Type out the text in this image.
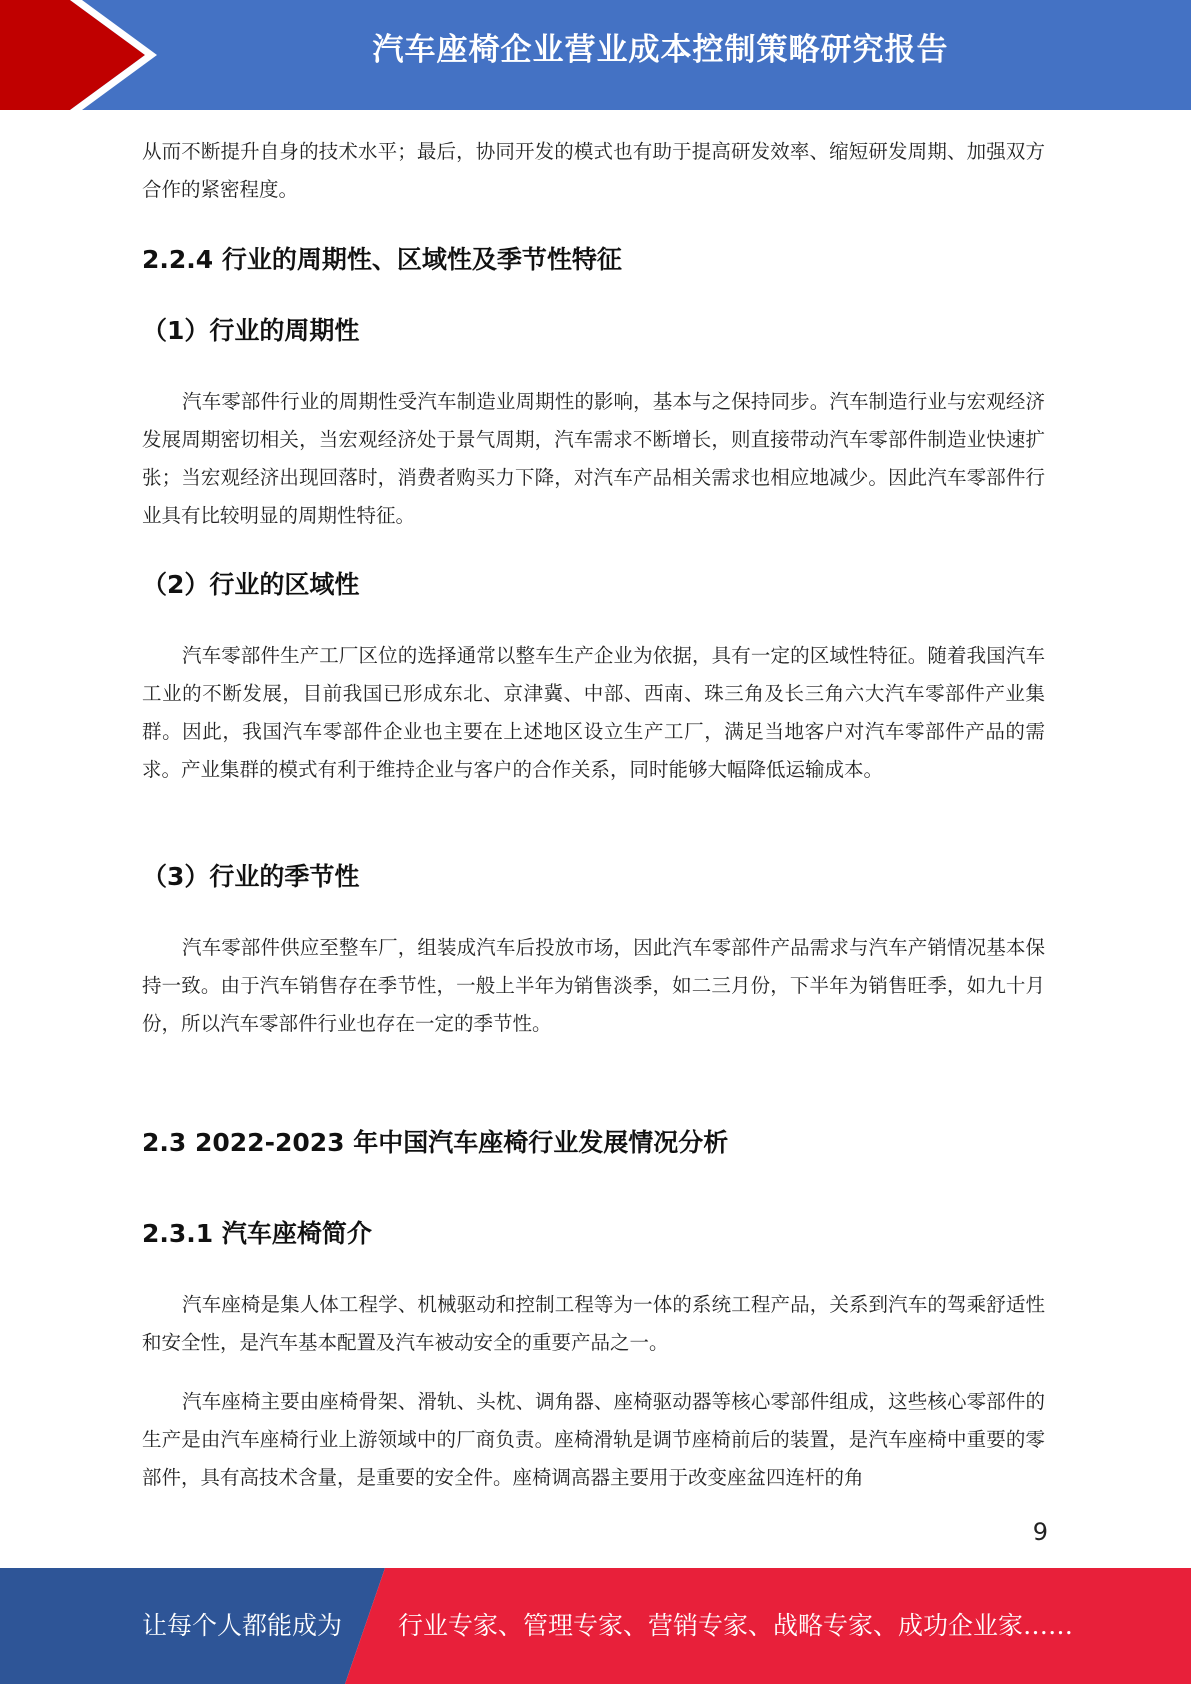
汽车座椅企业营业成本控制策略研究报告

从而不断提升自身的技术水平；最后，协同开发的模式也有助于提高研发效率、缩短研发周期、加强双方合作的紧密程度。

2.2.4 行业的周期性、区域性及季节性特征
（1）行业的周期性

汽车零部件行业的周期性受汽车制造业周期性的影响，基本与之保持同步。汽车制造行业与宏观经济发展周期密切相关，当宏观经济处于景气周期，汽车需求不断增长，则直接带动汽车零部件制造业快速扩张；当宏观经济出现回落时，消费者购买力下降，对汽车产品相关需求也相应地减少。因此汽车零部件行业具有比较明显的周期性特征。

（2）行业的区域性

汽车零部件生产工厂区位的选择通常以整车生产企业为依据，具有一定的区域性特征。随着我国汽车工业的不断发展，目前我国已形成东北、京津冀、中部、西南、珠三角及长三角六大汽车零部件产业集群。因此，我国汽车零部件企业也主要在上述地区设立生产工厂，满足当地客户对汽车零部件产品的需求。产业集群的模式有利于维持企业与客户的合作关系，同时能够大幅降低运输成本。

（3）行业的季节性

汽车零部件供应至整车厂，组装成汽车后投放市场，因此汽车零部件产品需求与汽车产销情况基本保持一致。由于汽车销售存在季节性，一般上半年为销售淡季，如二三月份，下半年为销售旺季，如九十月份，所以汽车零部件行业也存在一定的季节性。

2.3 2022-2023 年中国汽车座椅行业发展情况分析
2.3.1 汽车座椅简介

汽车座椅是集人体工程学、机械驱动和控制工程等为一体的系统工程产品，关系到汽车的驾乘舒适性和安全性，是汽车基本配置及汽车被动安全的重要产品之一。

汽车座椅主要由座椅骨架、滑轨、头枕、调角器、座椅驱动器等核心零部件组成，这些核心零部件的生产是由汽车座椅行业上游领域中的厂商负责。座椅滑轨是调节座椅前后的装置，是汽车座椅中重要的零部件，具有高技术含量，是重要的安全件。座椅调高器主要用于改变座盆四连杆的角

9
让每个人都能成为 行业专家、管理专家、营销专家、战略专家、成功企业家……
